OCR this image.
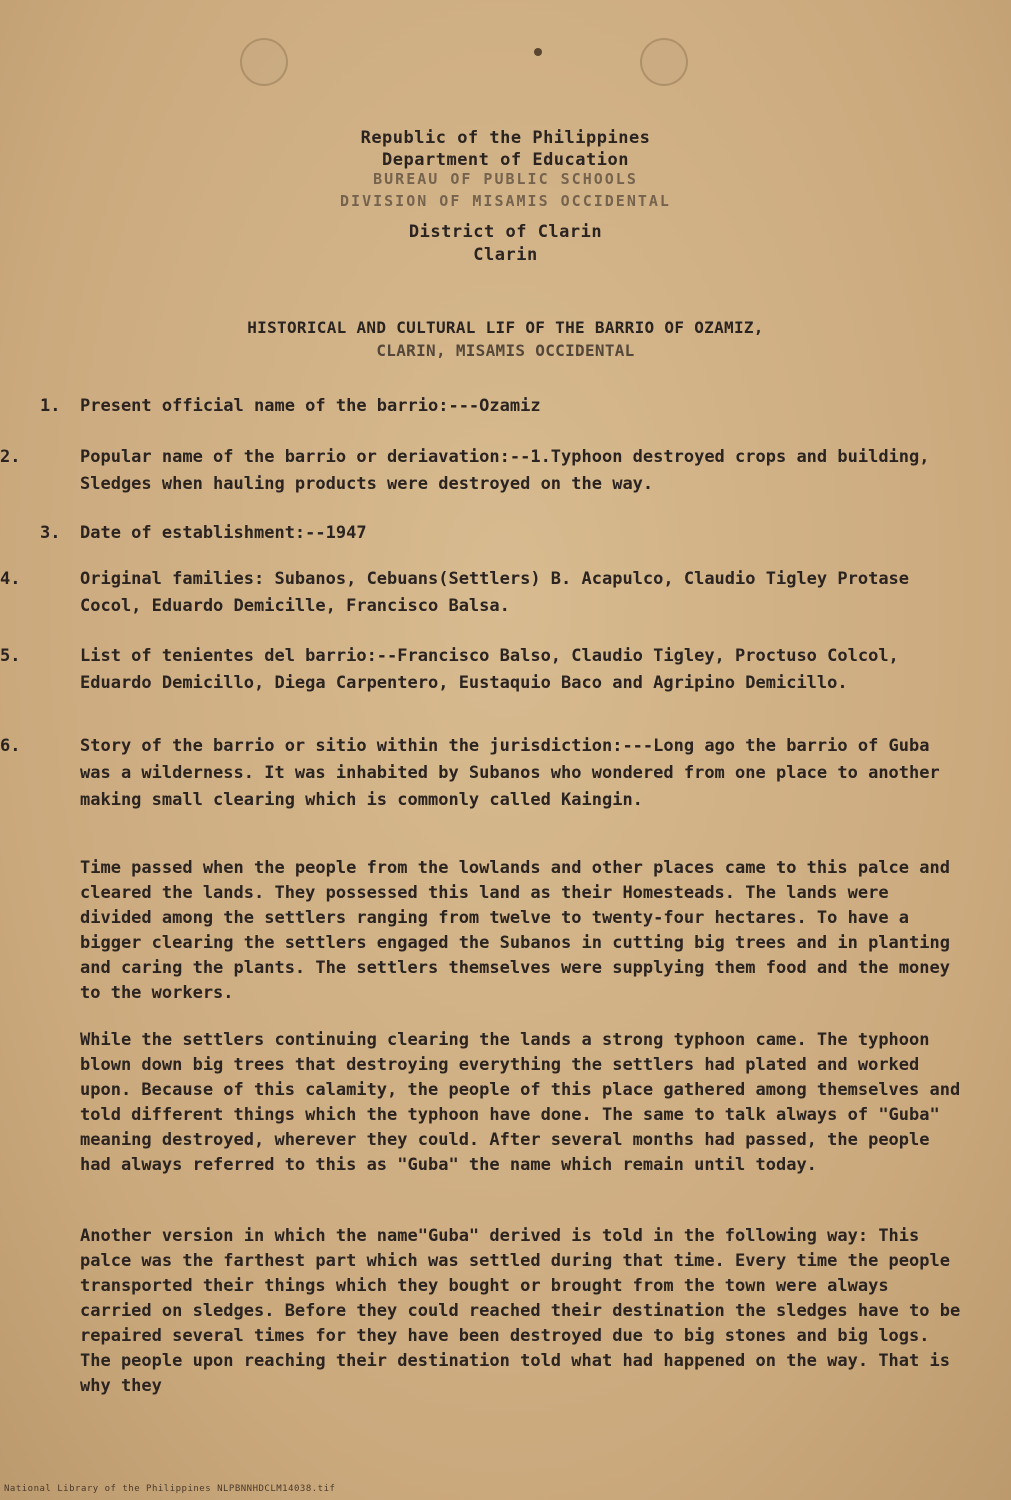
Republic of the Philippines
Department of Education
BUREAU OF PUBLIC SCHOOLS
DIVISION OF MISAMIS OCCIDENTAL
District of Clarin
Clarin
HISTORICAL AND CULTURAL LIF OF THE BARRIO OF OZAMIZ,
CLARIN, MISAMIS OCCIDENTAL
1. Present official name of the barrio:---Ozamiz
2.	Popular name of the barrio or deriavation:--1.Typhoon destroyed crops and building, Sledges when hauling products were destroyed on the way.
3. Date of establishment:--1947
4.	Original families: Subanos, Cebuans(Settlers) B. Acapulco, Claudio Tigley Protase Cocol, Eduardo Demicille, Francisco Balsa.
5.	List of tenientes del barrio:--Francisco Balso, Claudio Tigley, Proctuso Colcol, Eduardo Demicillo, Diega Carpentero, Eustaquio Baco and Agripino Demicillo.
6.	Story of the barrio or sitio within the jurisdiction:---Long ago the barrio of Guba was a wilderness. It was inhabited by Subanos who wondered from one place to another making small clearing which is commonly called Kaingin.
Time passed when the people from the lowlands and other places came to this palce and cleared the lands. They possessed this land as their Homesteads. The lands were divided among the settlers ranging from twelve to twenty-four hectares. To have a bigger clearing the settlers engaged the Subanos in cutting big trees and in planting and caring the plants. The settlers themselves were supplying them food and the money to the workers.
While the settlers continuing clearing the lands a strong typhoon came. The typhoon blown down big trees that destroying everything the settlers had plated and worked upon. Because of this calamity, the people of this place gathered among themselves and told different things which the typhoon have done. The same to talk always of "Guba" meaning destroyed, wherever they could. After several months had passed, the people had always referred to this as "Guba" the name which remain until today.
Another version in which the name"Guba" derived is told in the following way: This palce was the farthest part which was settled during that time. Every time the people transported their things which they bought or brought from the town were always carried on sledges. Before they could reached their destination the sledges have to be repaired several times for they have been destroyed due to big stones and big logs. The people upon reaching their destination told what had happened on the way. That is why they
National Library of the Philippines NLPBNNHDCLM14038.tif
